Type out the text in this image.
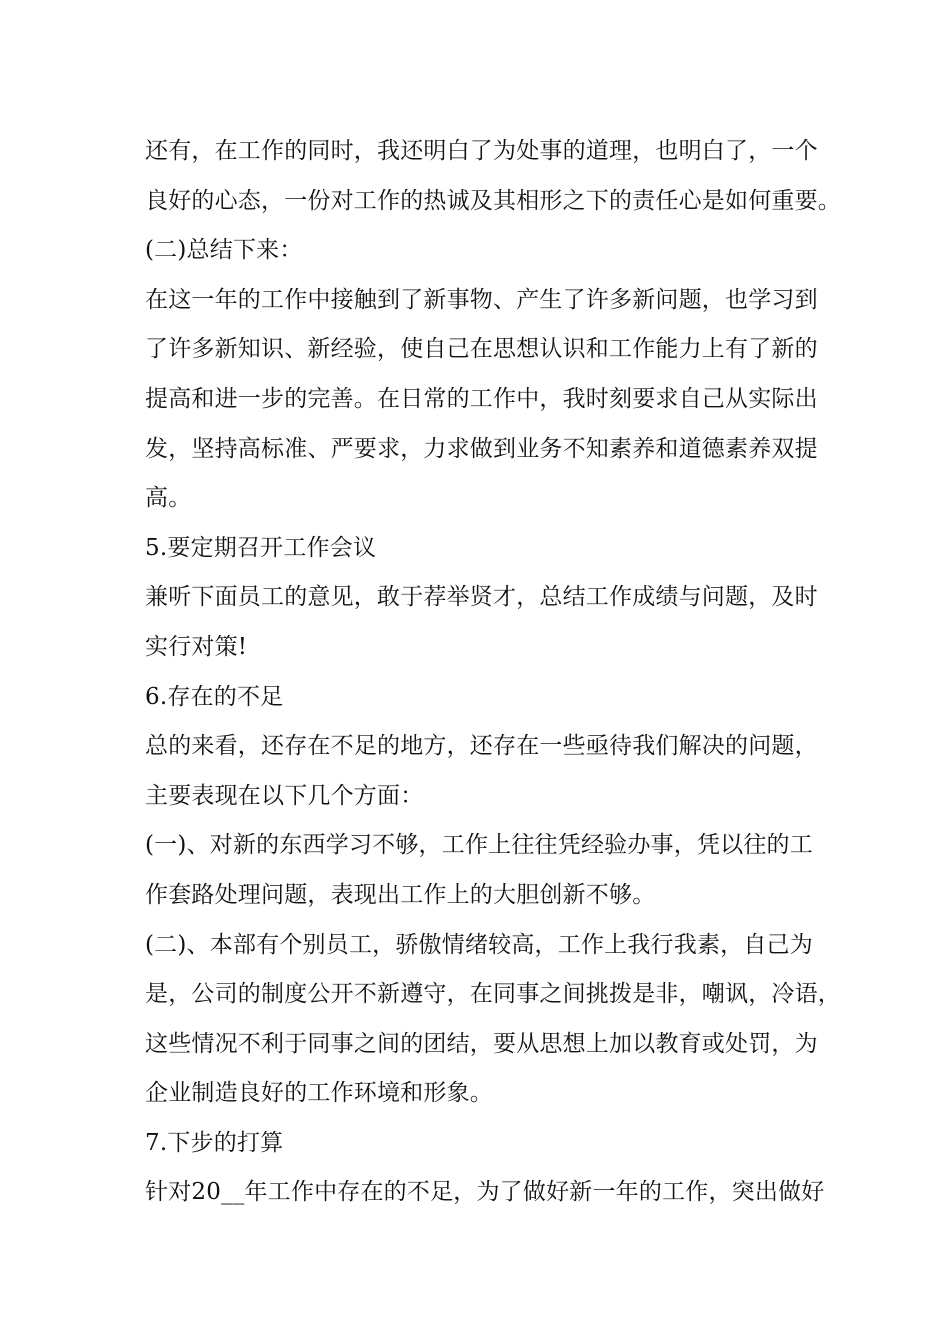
还有，在工作的同时，我还明白了为处事的道理，也明白了，一个
良好的心态，一份对工作的热诚及其相形之下的责任心是如何重要。
(二)总结下来：
在这一年的工作中接触到了新事物、产生了许多新问题，也学习到
了许多新知识、新经验，使自己在思想认识和工作能力上有了新的
提高和进一步的完善。在日常的工作中，我时刻要求自己从实际出
发，坚持高标准、严要求，力求做到业务不知素养和道德素养双提
高。
5.要定期召开工作会议
兼听下面员工的意见，敢于荐举贤才，总结工作成绩与问题，及时
实行对策!
6.存在的不足
总的来看，还存在不足的地方，还存在一些亟待我们解决的问题，
主要表现在以下几个方面：
(一)、对新的东西学习不够，工作上往往凭经验办事，凭以往的工
作套路处理问题，表现出工作上的大胆创新不够。
(二)、本部有个别员工，骄傲情绪较高，工作上我行我素，自己为
是，公司的制度公开不新遵守，在同事之间挑拨是非，嘲讽，冷语，
这些情况不利于同事之间的团结，要从思想上加以教育或处罚，为
企业制造良好的工作环境和形象。
7.下步的打算
针对20__年工作中存在的不足，为了做好新一年的工作，突出做好
